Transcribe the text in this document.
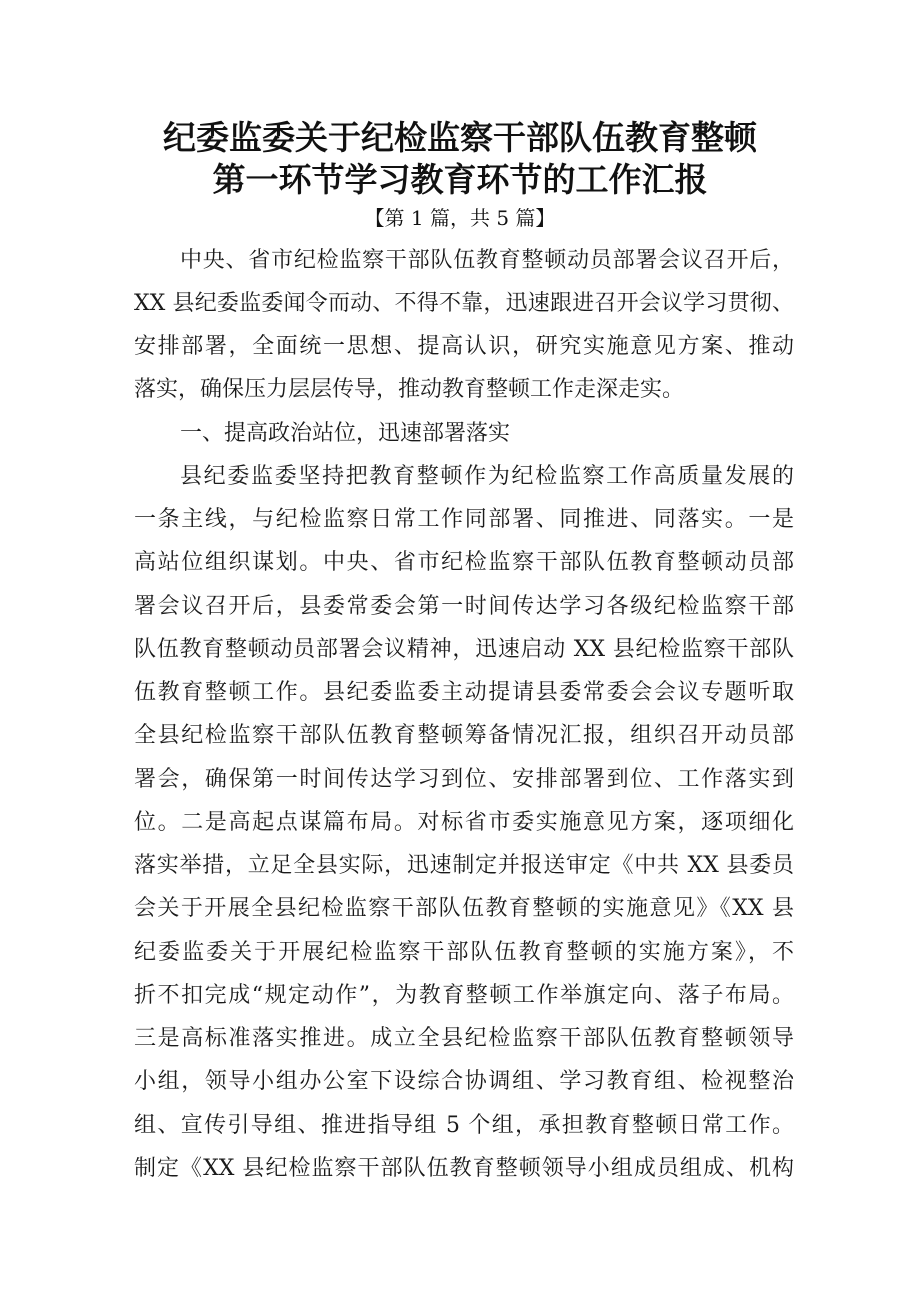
纪委监委关于纪检监察干部队伍教育整顿
第一环节学习教育环节的工作汇报
【第 1 篇，共 5 篇】
中央、省市纪检监察干部队伍教育整顿动员部署会议召开后，
XX 县纪委监委闻令而动、不得不靠，迅速跟进召开会议学习贯彻、
安排部署，全面统一思想、提高认识，研究实施意见方案、推动
落实，确保压力层层传导，推动教育整顿工作走深走实。
一、提高政治站位，迅速部署落实
县纪委监委坚持把教育整顿作为纪检监察工作高质量发展的
一条主线，与纪检监察日常工作同部署、同推进、同落实。一是
高站位组织谋划。中央、省市纪检监察干部队伍教育整顿动员部
署会议召开后，县委常委会第一时间传达学习各级纪检监察干部
队伍教育整顿动员部署会议精神，迅速启动 XX 县纪检监察干部队
伍教育整顿工作。县纪委监委主动提请县委常委会会议专题听取
全县纪检监察干部队伍教育整顿筹备情况汇报，组织召开动员部
署会，确保第一时间传达学习到位、安排部署到位、工作落实到
位。二是高起点谋篇布局。对标省市委实施意见方案，逐项细化
落实举措，立足全县实际，迅速制定并报送审定《中共 XX 县委员
会关于开展全县纪检监察干部队伍教育整顿的实施意见》《XX 县
纪委监委关于开展纪检监察干部队伍教育整顿的实施方案》，不
折不扣完成“规定动作”，为教育整顿工作举旗定向、落子布局。
三是高标准落实推进。成立全县纪检监察干部队伍教育整顿领导
小组，领导小组办公室下设综合协调组、学习教育组、检视整治
组、宣传引导组、推进指导组 5 个组，承担教育整顿日常工作。
制定《XX 县纪检监察干部队伍教育整顿领导小组成员组成、机构
